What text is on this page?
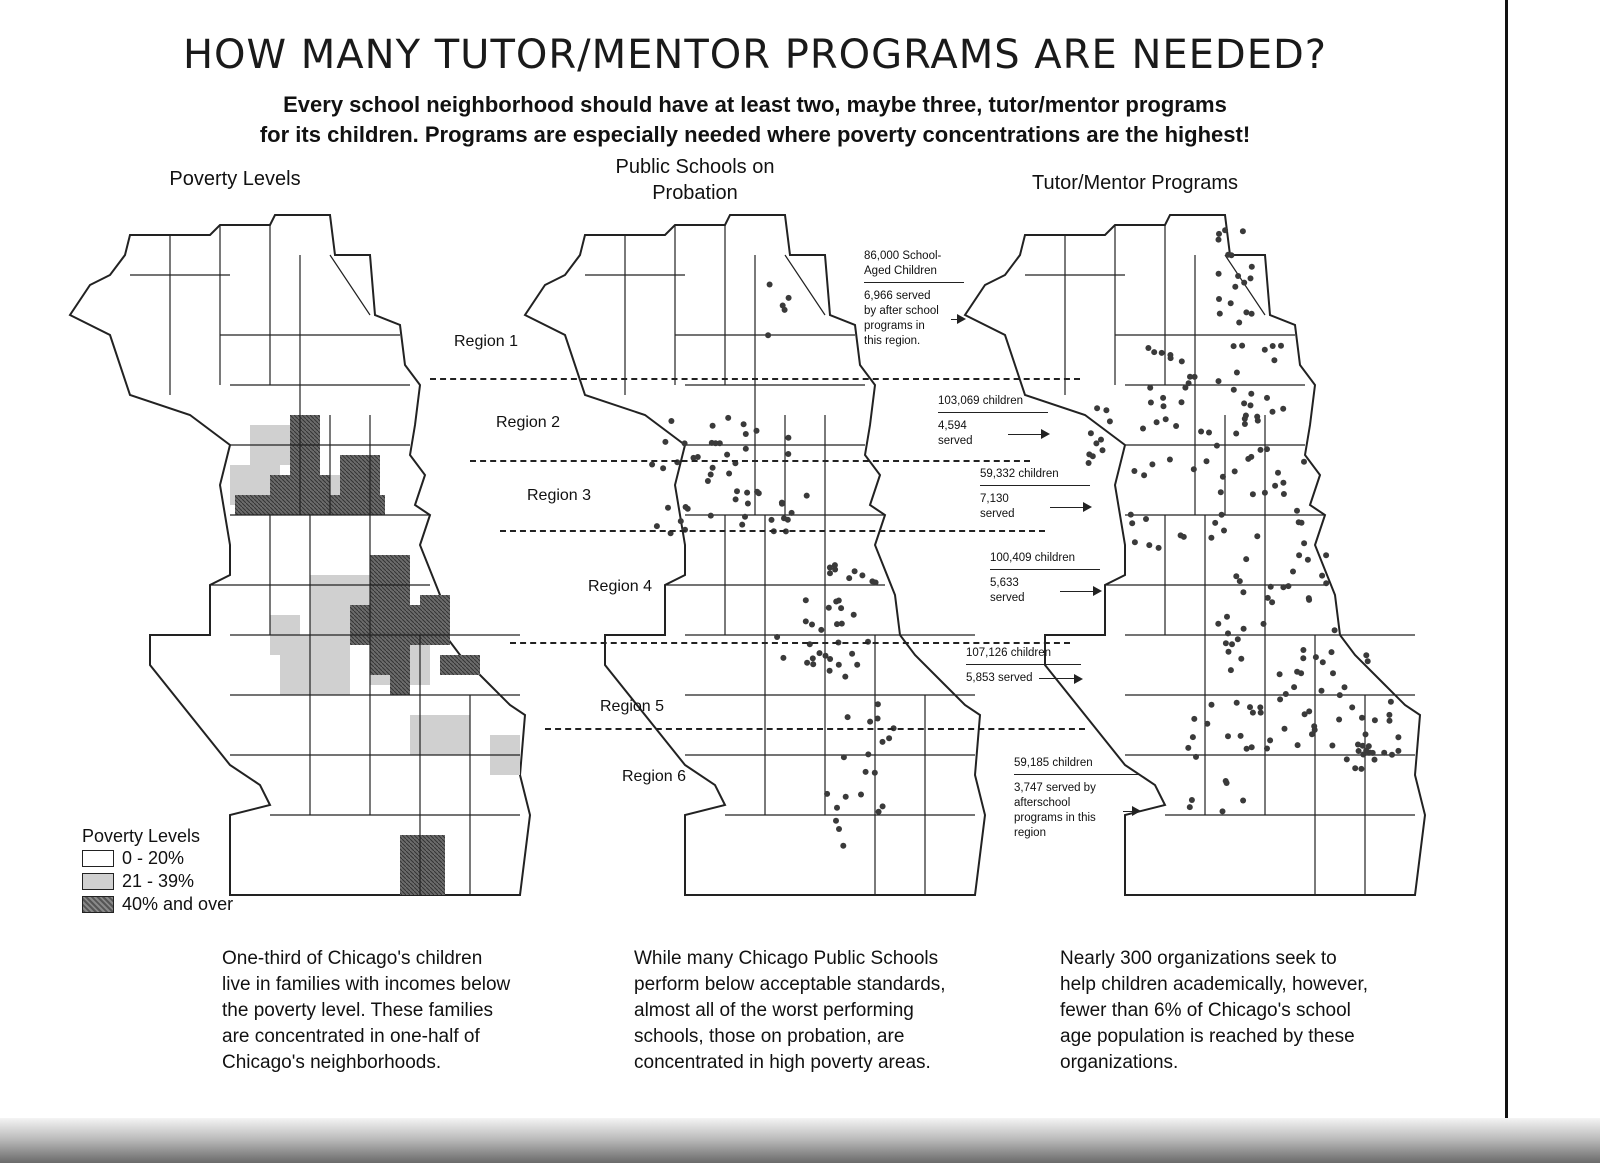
HOW MANY TUTOR/MENTOR PROGRAMS ARE NEEDED?
Every school neighborhood should have at least two, maybe three, tutor/mentor programs
for its children. Programs are especially needed where poverty concentrations are the highest!
Poverty Levels
Public Schools on
Probation	Tutor/Mentor Programs
Region 1
Region 2
Region 3
Region 4
Region 5
Region 6
86,000 School-Aged Children
6,966 served by after school programs in this region.
103,069 children
4,594 served
59,332 children
7,130 served
100,409 children
5,633 served
107,126 children
5,853 served
59,185 children
3,747 served by afterschool programs in this region
Poverty Levels
0 - 20%
21 - 39%
40% and over
One-third of Chicago's children
live in families with incomes below
the poverty level. These families
are concentrated in one-half of
Chicago's neighborhoods.
While many Chicago Public Schools
perform below acceptable standards,
almost all of the worst performing
schools, those on probation, are
concentrated in high poverty areas.
Nearly 300 organizations seek to
help children academically, however,
fewer than 6% of Chicago's school
age population is reached by these
organizations.
